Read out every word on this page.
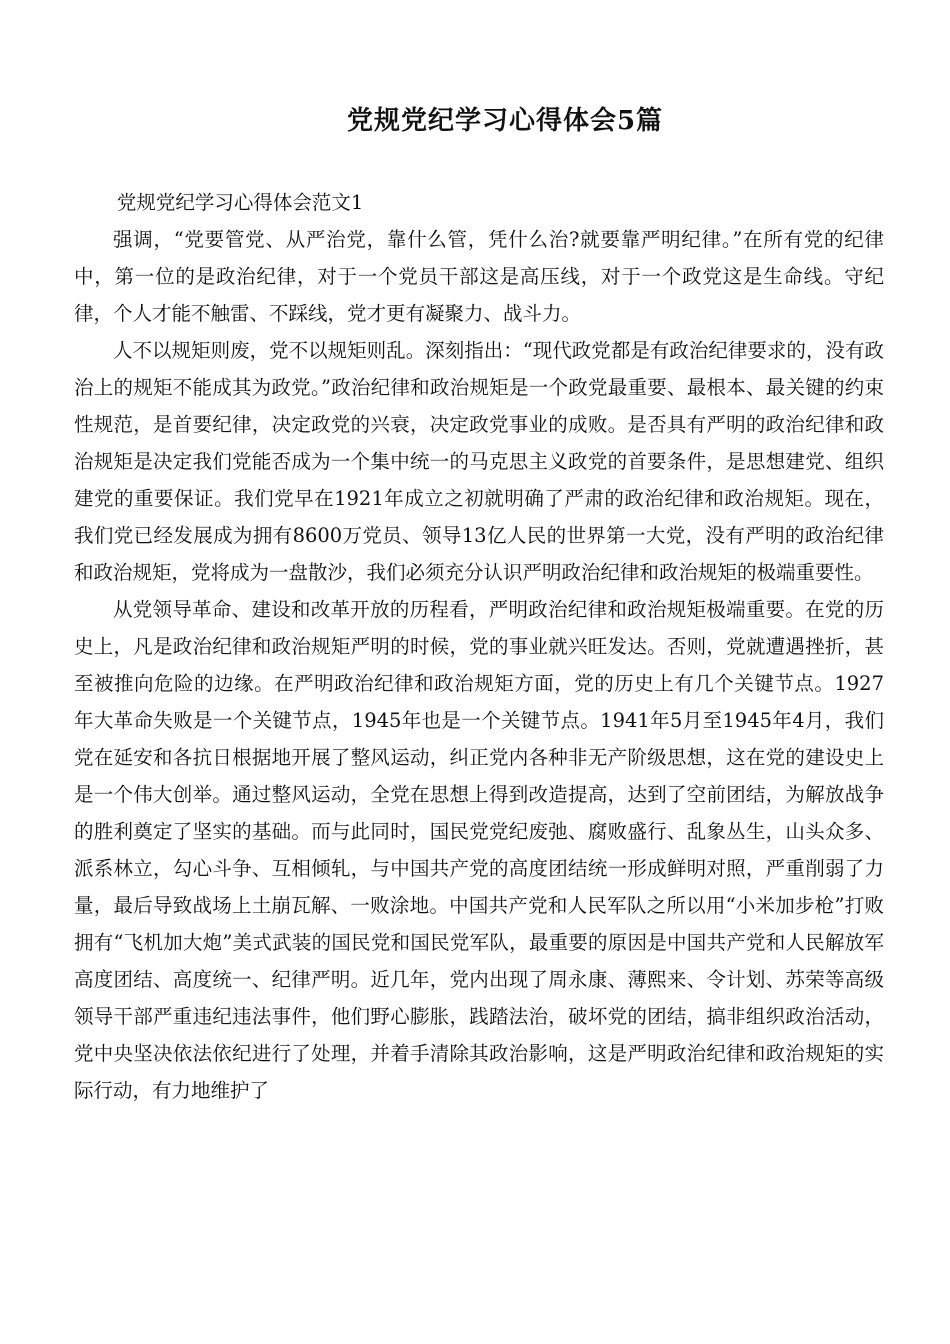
党规党纪学习心得体会5篇

党规党纪学习心得体会范文1

强调，“党要管党、从严治党，靠什么管，凭什么治?就要靠严明纪律。”在所有党的纪律中，第一位的是政治纪律，对于一个党员干部这是高压线，对于一个政党这是生命线。守纪律，个人才能不触雷、不踩线，党才更有凝聚力、战斗力。

人不以规矩则废，党不以规矩则乱。深刻指出：“现代政党都是有政治纪律要求的，没有政治上的规矩不能成其为政党。”政治纪律和政治规矩是一个政党最重要、最根本、最关键的约束性规范，是首要纪律，决定政党的兴衰，决定政党事业的成败。是否具有严明的政治纪律和政治规矩是决定我们党能否成为一个集中统一的马克思主义政党的首要条件，是思想建党、组织建党的重要保证。我们党早在1921年成立之初就明确了严肃的政治纪律和政治规矩。现在，我们党已经发展成为拥有8600万党员、领导13亿人民的世界第一大党，没有严明的政治纪律和政治规矩，党将成为一盘散沙，我们必须充分认识严明政治纪律和政治规矩的极端重要性。

从党领导革命、建设和改革开放的历程看，严明政治纪律和政治规矩极端重要。在党的历史上，凡是政治纪律和政治规矩严明的时候，党的事业就兴旺发达。否则，党就遭遇挫折，甚至被推向危险的边缘。在严明政治纪律和政治规矩方面，党的历史上有几个关键节点。1927年大革命失败是一个关键节点，1945年也是一个关键节点。1941年5月至1945年4月，我们党在延安和各抗日根据地开展了整风运动，纠正党内各种非无产阶级思想，这在党的建设史上是一个伟大创举。通过整风运动，全党在思想上得到改造提高，达到了空前团结，为解放战争的胜利奠定了坚实的基础。而与此同时，国民党党纪废弛、腐败盛行、乱象丛生，山头众多、派系林立，勾心斗争、互相倾轧，与中国共产党的高度团结统一形成鲜明对照，严重削弱了力量，最后导致战场上土崩瓦解、一败涂地。中国共产党和人民军队之所以用“小米加步枪”打败拥有“飞机加大炮”美式武装的国民党和国民党军队，最重要的原因是中国共产党和人民解放军高度团结、高度统一、纪律严明。近几年，党内出现了周永康、薄熙来、令计划、苏荣等高级领导干部严重违纪违法事件，他们野心膨胀，践踏法治，破坏党的团结，搞非组织政治活动，党中央坚决依法依纪进行了处理，并着手清除其政治影响，这是严明政治纪律和政治规矩的实际行动，有力地维护了
